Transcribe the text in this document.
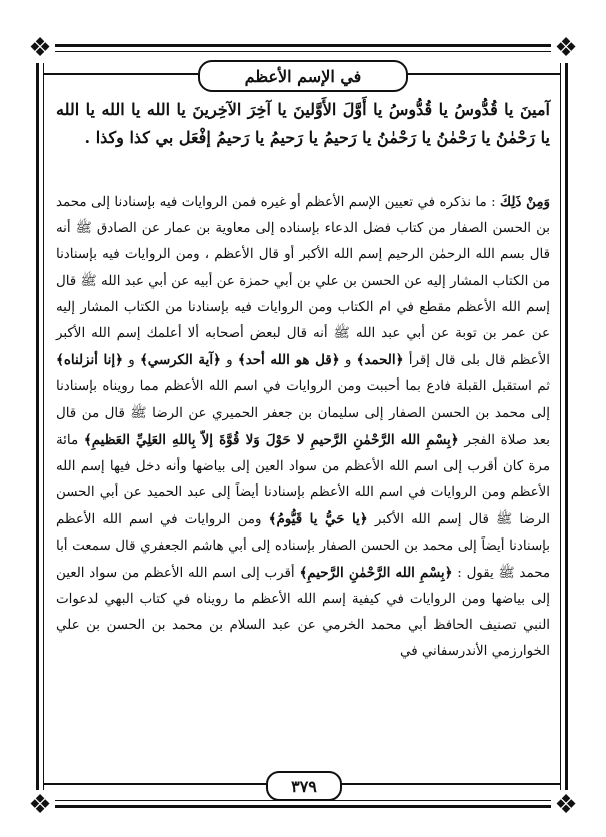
❖	❖
❖	❖
في الإسم الأعظم

آمينَ يا قُدُّوسُ يا قُدُّوسُ يا أَوَّلَ الأَوَّلينَ يا آخِرَ الآخِرينَ يا الله يا الله يا الله يا رَحْمٰنُ يا رَحْمٰنُ يا رَحْمٰنُ يا رَحيمُ يا رَحيمُ يا رَحيمُ إفْعَل بي كذا وكذا .

وَمِنْ ذَلِكَ : ما نذكره في تعيين الإسم الأعظم أو غيره فمن الروايات فيه بإسنادنا إلى محمد بن الحسن الصفار من كتاب فضل الدعاء بإسناده إلى معاوية بن عمار عن الصادق ﷺ أنه قال بسم الله الرحمٰن الرحيم إسم الله الأكبر أو قال الأعظم ، ومن الروايات فيه بإسنادنا من الكتاب المشار إليه عن الحسن بن علي بن أبي حمزة عن أبيه عن أبي عبد الله ﷺ قال إسم الله الأعظم مقطع في ام الكتاب ومن الروايات فيه بإسنادنا من الكتاب المشار إليه عن عمر بن توبة عن أبي عبد الله ﷺ أنه قال لبعض أصحابه ألا أعلمك إسم الله الأكبر الأعظم قال بلى قال إقرأ ﴿الحمد﴾ و ﴿قل هو الله أحد﴾ و ﴿آية الكرسي﴾ و ﴿إنا أنزلناه﴾ ثم استقبل القبلة فادع بما أحببت ومن الروايات في اسم الله الأعظم مما رويناه بإسنادنا إلى محمد بن الحسن الصفار إلى سليمان بن جعفر الحميري عن الرضا ﷺ قال من قال بعد صلاة الفجر ﴿بِسْمِ الله الرَّحْمٰنِ الرَّحيمِ لا حَوْلَ وَلا قُوَّةَ إلاّ بِاللهِ العَلِيِّ العَظيمِ﴾ مائة مرة كان أقرب إلى اسم الله الأعظم من سواد العين إلى بياضها وأنه دخل فيها إسم الله الأعظم ومن الروايات في اسم الله الأعظم بإسنادنا أيضاً إلى عبد الحميد عن أبي الحسن الرضا ﷺ قال إسم الله الأكبر ﴿يا حَيُّ يا قَيُّومُ﴾ ومن الروايات في اسم الله الأعظم بإسنادنا أيضاً إلى محمد بن الحسن الصفار بإسناده إلى أبي هاشم الجعفري قال سمعت أبا محمد ﷺ يقول : ﴿بِسْمِ الله الرَّحْمٰنِ الرَّحيمِ﴾ أقرب إلى اسم الله الأعظم من سواد العين إلى بياضها ومن الروايات في كيفية إسم الله الأعظم ما رويناه في كتاب البهي لدعوات النبي تصنيف الحافظ أبي محمد الخرمي عن عبد السلام بن محمد بن الحسن بن علي الخوارزمي الأندرسفاني في

٣٧٩
